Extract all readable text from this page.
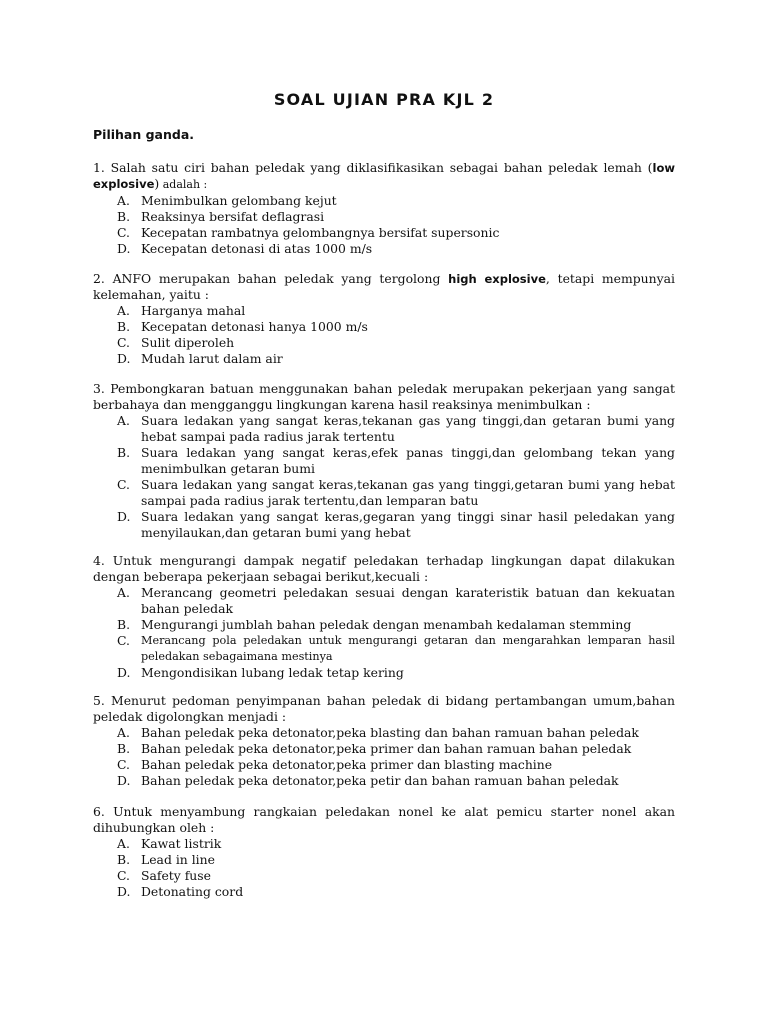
SOAL UJIAN PRA KJL 2
Pilihan ganda.

1. Salah satu ciri bahan peledak yang diklasifikasikan sebagai bahan peledak lemah (low explosive) adalah :

A. Menimbulkan gelombang kejut
B. Reaksinya bersifat deflagrasi
C. Kecepatan rambatnya gelombangnya bersifat supersonic
D. Kecepatan detonasi di atas 1000 m/s

2. ANFO merupakan bahan peledak yang tergolong high explosive, tetapi mempunyai kelemahan, yaitu :

A. Harganya mahal
B. Kecepatan detonasi hanya 1000 m/s
C. Sulit diperoleh
D. Mudah larut dalam air

3. Pembongkaran batuan menggunakan bahan peledak merupakan pekerjaan yang sangat berbahaya dan mengganggu lingkungan karena hasil reaksinya menimbulkan :

A. Suara ledakan yang sangat keras,tekanan gas yang tinggi,dan getaran bumi yang hebat sampai pada radius jarak tertentu
B. Suara ledakan yang sangat keras,efek panas tinggi,dan gelombang tekan yang menimbulkan getaran bumi
C. Suara ledakan yang sangat keras,tekanan gas yang tinggi,getaran bumi yang hebat sampai pada radius jarak tertentu,dan lemparan batu
D. Suara ledakan yang sangat keras,gegaran yang tinggi sinar hasil peledakan yang menyilaukan,dan getaran bumi yang hebat

4. Untuk mengurangi dampak negatif peledakan terhadap lingkungan dapat dilakukan dengan beberapa pekerjaan sebagai berikut,kecuali :

A. Merancang geometri peledakan sesuai dengan karateristik batuan dan kekuatan bahan peledak
B. Mengurangi jumblah bahan peledak dengan menambah kedalaman stemming
C. Merancang pola peledakan untuk mengurangi getaran dan mengarahkan lemparan hasil peledakan sebagaimana mestinya
D. Mengondisikan lubang ledak tetap kering

5. Menurut pedoman penyimpanan bahan peledak di bidang pertambangan umum,bahan peledak digolongkan menjadi :

A. Bahan peledak peka detonator,peka blasting dan bahan ramuan bahan peledak
B. Bahan peledak peka detonator,peka primer dan bahan ramuan bahan peledak
C. Bahan peledak peka detonator,peka primer dan blasting machine
D. Bahan peledak peka detonator,peka petir dan bahan ramuan bahan peledak

6. Untuk menyambung rangkaian peledakan nonel ke alat pemicu starter nonel akan dihubungkan oleh :

A. Kawat listrik
B. Lead in line
C. Safety fuse
D. Detonating cord
